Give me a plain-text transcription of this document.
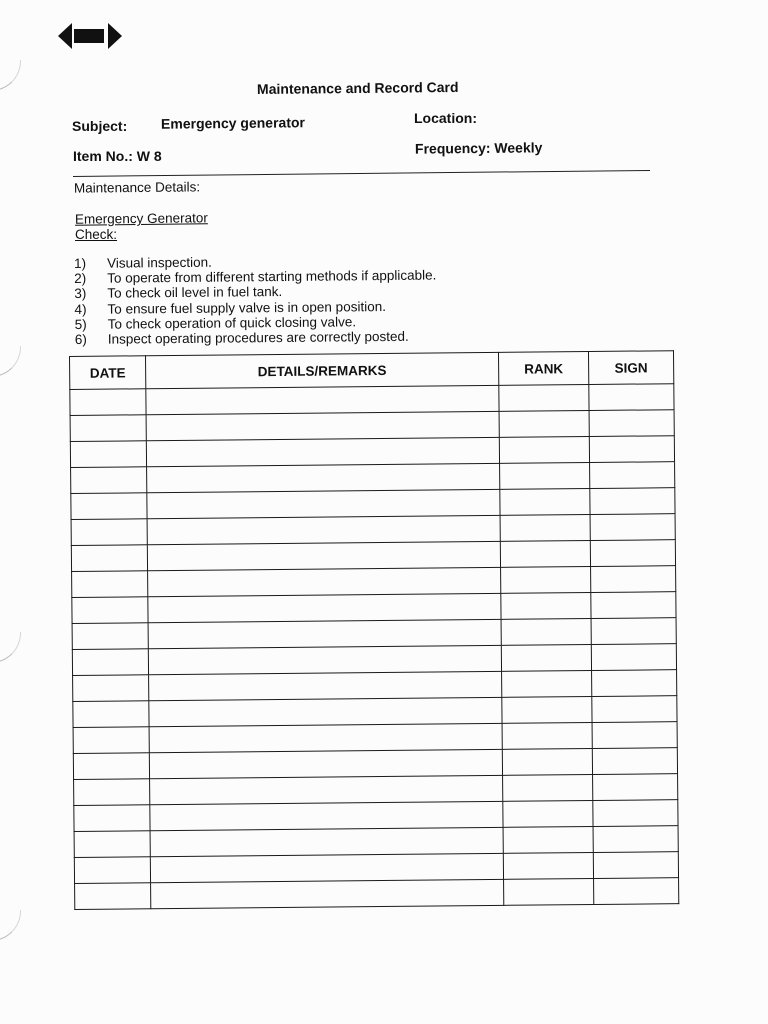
Maintenance and Record Card
Subject: Emergency generator	Location:
Item No.: W 8	Frequency: Weekly
Maintenance Details:
Emergency Generator
Check:
1) Visual inspection.
2) To operate from different starting methods if applicable.
3) To check oil level in fuel tank.
4) To ensure fuel supply valve is in open position.
5) To check operation of quick closing valve.
6) Inspect operating procedures are correctly posted.
DATE	DETAILS/REMARKS	RANK	SIGN
